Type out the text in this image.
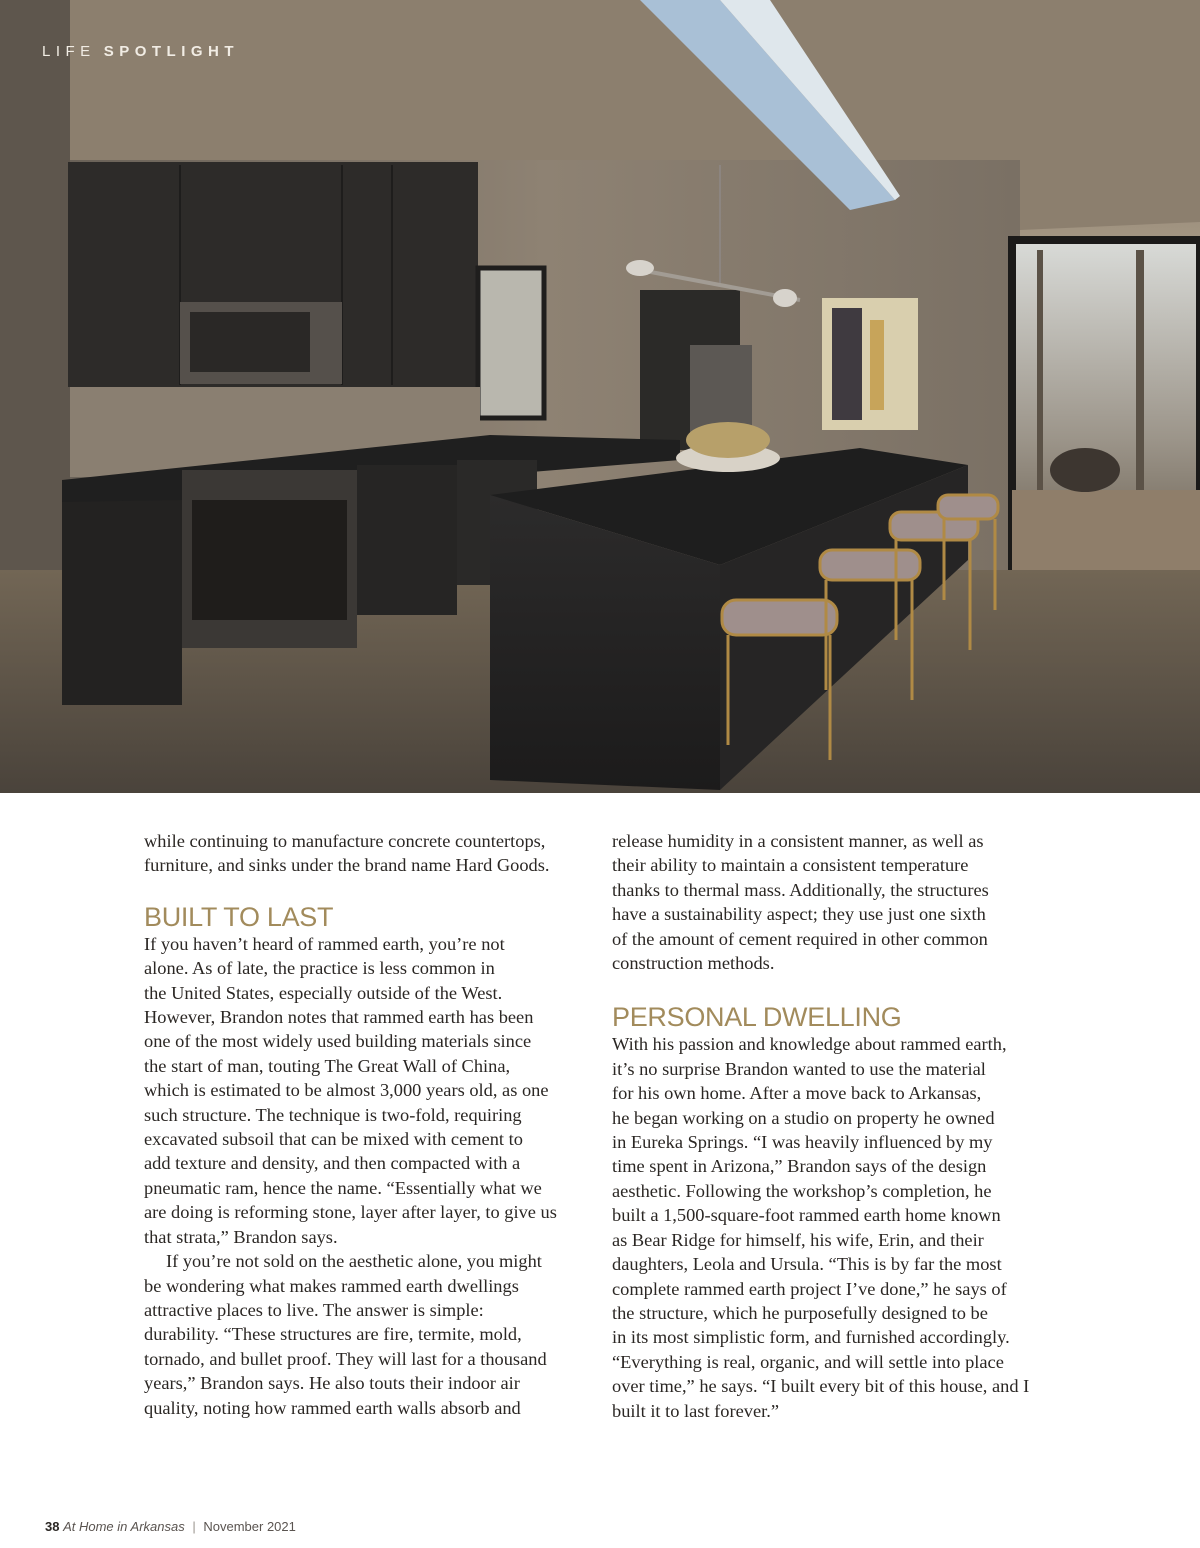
LIFE SPOTLIGHT

while continuing to manufacture concrete countertops,
furniture, and sinks under the brand name Hard Goods.

BUILT TO LAST

If you haven’t heard of rammed earth, you’re not
alone. As of late, the practice is less common in
the United States, especially outside of the West.
However, Brandon notes that rammed earth has been
one of the most widely used building materials since
the start of man, touting The Great Wall of China,
which is estimated to be almost 3,000 years old, as one
such structure. The technique is two-fold, requiring
excavated subsoil that can be mixed with cement to
add texture and density, and then compacted with a
pneumatic ram, hence the name. “Essentially what we
are doing is reforming stone, layer after layer, to give us
that strata,” Brandon says.

If you’re not sold on the aesthetic alone, you might
be wondering what makes rammed earth dwellings
attractive places to live. The answer is simple:
durability. “These structures are fire, termite, mold,
tornado, and bullet proof. They will last for a thousand
years,” Brandon says. He also touts their indoor air
quality, noting how rammed earth walls absorb and

release humidity in a consistent manner, as well as
their ability to maintain a consistent temperature
thanks to thermal mass. Additionally, the structures
have a sustainability aspect; they use just one sixth
of the amount of cement required in other common
construction methods.

PERSONAL DWELLING

With his passion and knowledge about rammed earth,
it’s no surprise Brandon wanted to use the material
for his own home. After a move back to Arkansas,
he began working on a studio on property he owned
in Eureka Springs. “I was heavily influenced by my
time spent in Arizona,” Brandon says of the design
aesthetic. Following the workshop’s completion, he
built a 1,500-square-foot rammed earth home known
as Bear Ridge for himself, his wife, Erin, and their
daughters, Leola and Ursula. “This is by far the most
complete rammed earth project I’ve done,” he says of
the structure, which he purposefully designed to be
in its most simplistic form, and furnished accordingly.
“Everything is real, organic, and will settle into place
over time,” he says. “I built every bit of this house, and I
built it to last forever.”

38 At Home in Arkansas | November 2021
